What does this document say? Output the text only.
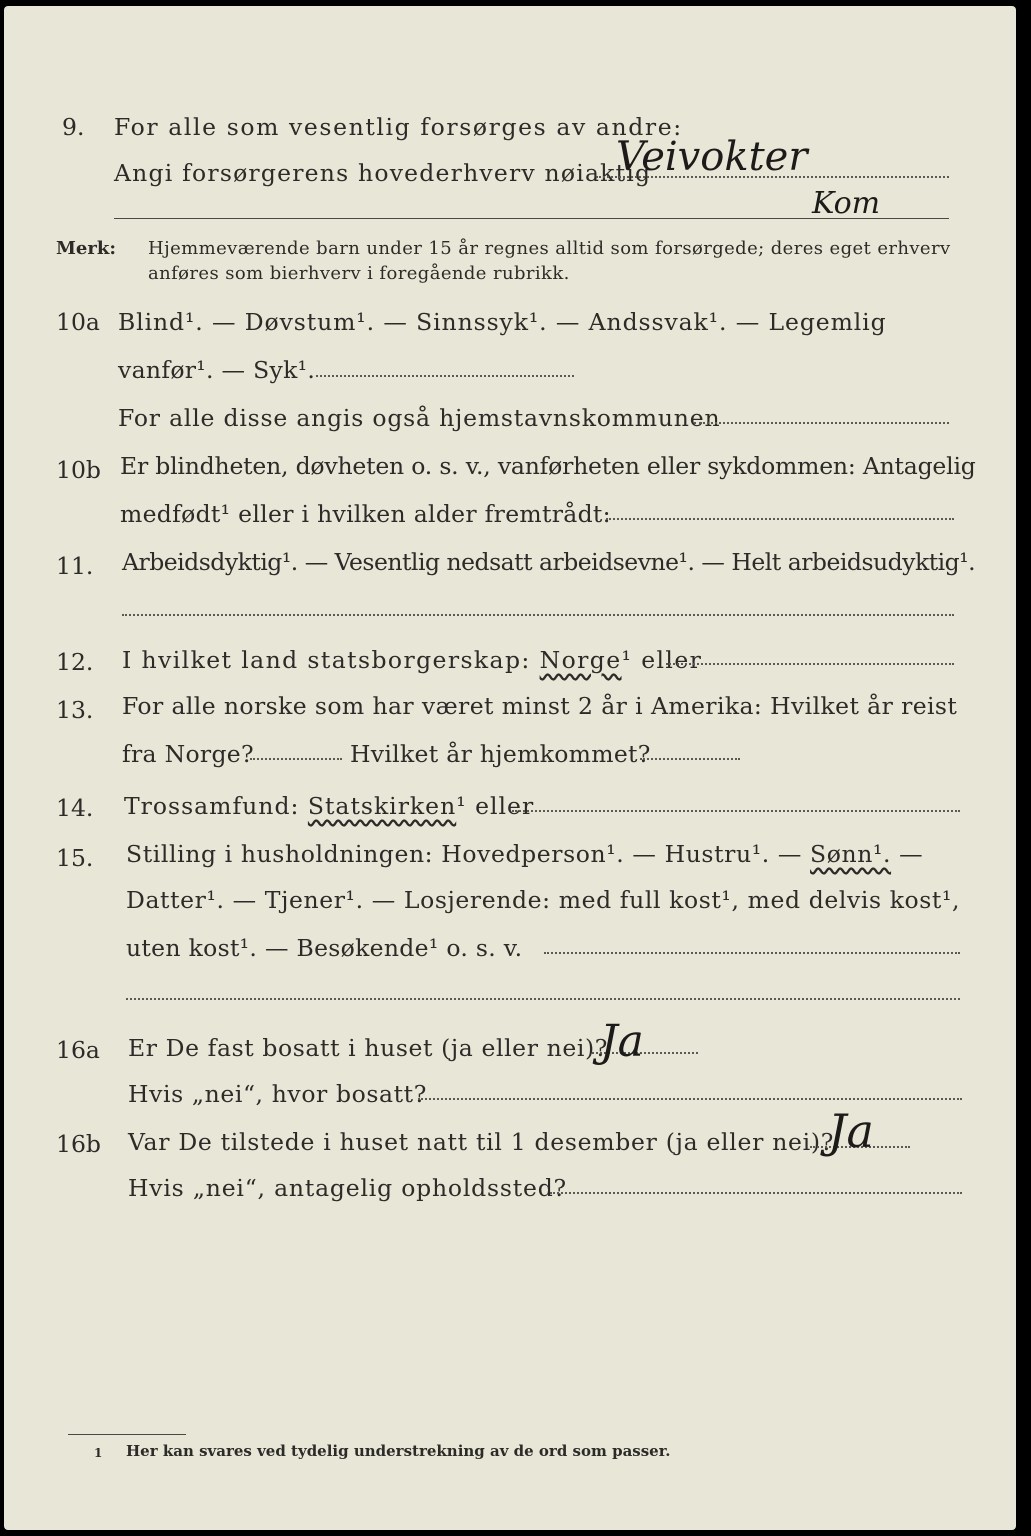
9. For alle som vesentlig forsørges av andre:
Angi forsørgerens hovederhverv nøiaktig
Veivokter
Kom
Merk: Hjemmeværende barn under 15 år regnes alltid som forsørgede; deres eget erhverv
anføres som bierhverv i foregående rubrikk.
10a Blind¹. — Døvstum¹. — Sinnssyk¹. — Andssvak¹. — Legemlig
vanfør¹. — Syk¹.
For alle disse angis også hjemstavnskommunen
10b Er blindheten, døvheten o. s. v., vanførheten eller sykdommen: Antagelig
medfødt¹ eller i hvilken alder fremtrådt:
11. Arbeidsdyktig¹. — Vesentlig nedsatt arbeidsevne¹. — Helt arbeidsudyktig¹.
12. I hvilket land statsborgerskap: Norge¹ eller
13. For alle norske som har været minst 2 år i Amerika: Hvilket år reist
fra Norge?	Hvilket år hjemkommet?
14. Trossamfund: Statskirken¹ eller
15. Stilling i husholdningen: Hovedperson¹. — Hustru¹. — Sønn¹. —
Datter¹. — Tjener¹. — Losjerende: med full kost¹, med delvis kost¹,
uten kost¹. — Besøkende¹ o. s. v.
16a Er De fast bosatt i huset (ja eller nei)?
Ja
Hvis „nei“, hvor bosatt?
16b Var De tilstede i huset natt til 1 desember (ja eller nei)?
Ja
Hvis „nei“, antagelig opholdssted?
1 Her kan svares ved tydelig understrekning av de ord som passer.
